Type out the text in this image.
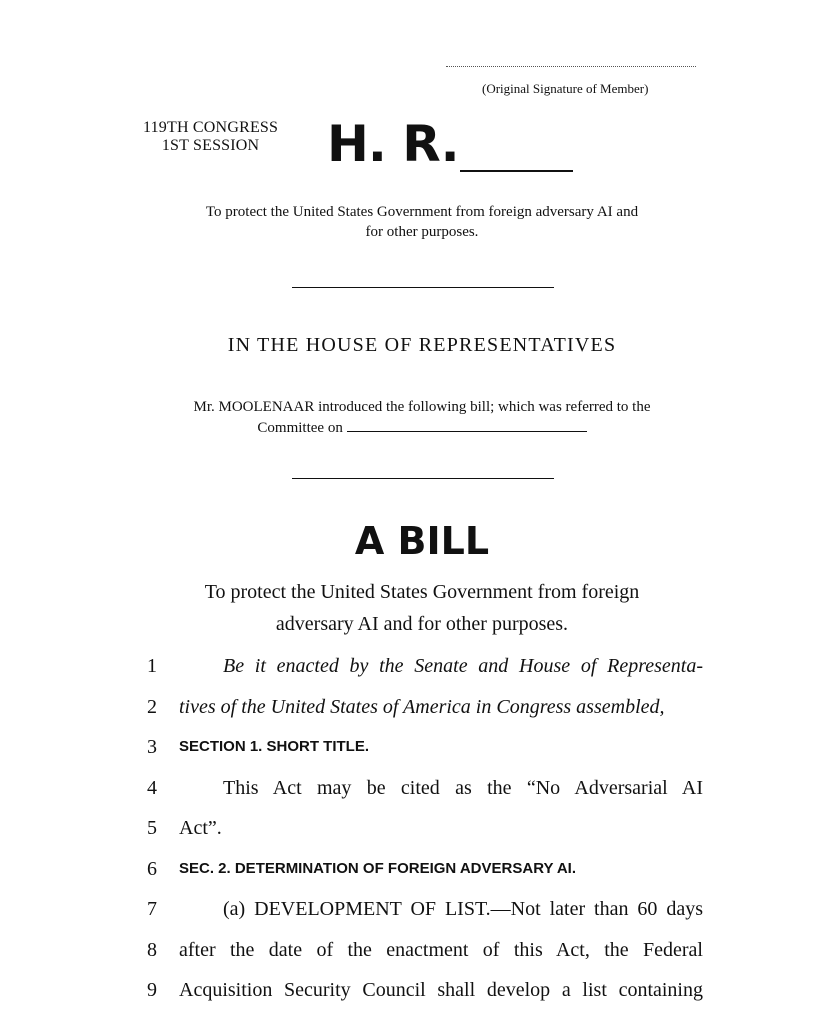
(Original Signature of Member)
119TH CONGRESS
1ST SESSION	H. R.
To protect the United States Government from foreign adversary AI and
for other purposes.
IN THE HOUSE OF REPRESENTATIVES
Mr. MOOLENAAR introduced the following bill; which was referred to the
Committee on
A BILL
To protect the United States Government from foreign
adversary AI and for other purposes.
1	Be it enacted by the Senate and House of Representa-
2	tives of the United States of America in Congress assembled,
3	SECTION 1. SHORT TITLE.
4	This Act may be cited as the “No Adversarial AI
5	Act”.
6	SEC. 2. DETERMINATION OF FOREIGN ADVERSARY AI.
7	(a) DEVELOPMENT OF LIST.—Not later than 60 days
8	after the date of the enactment of this Act, the Federal
9	Acquisition Security Council shall develop a list containing
